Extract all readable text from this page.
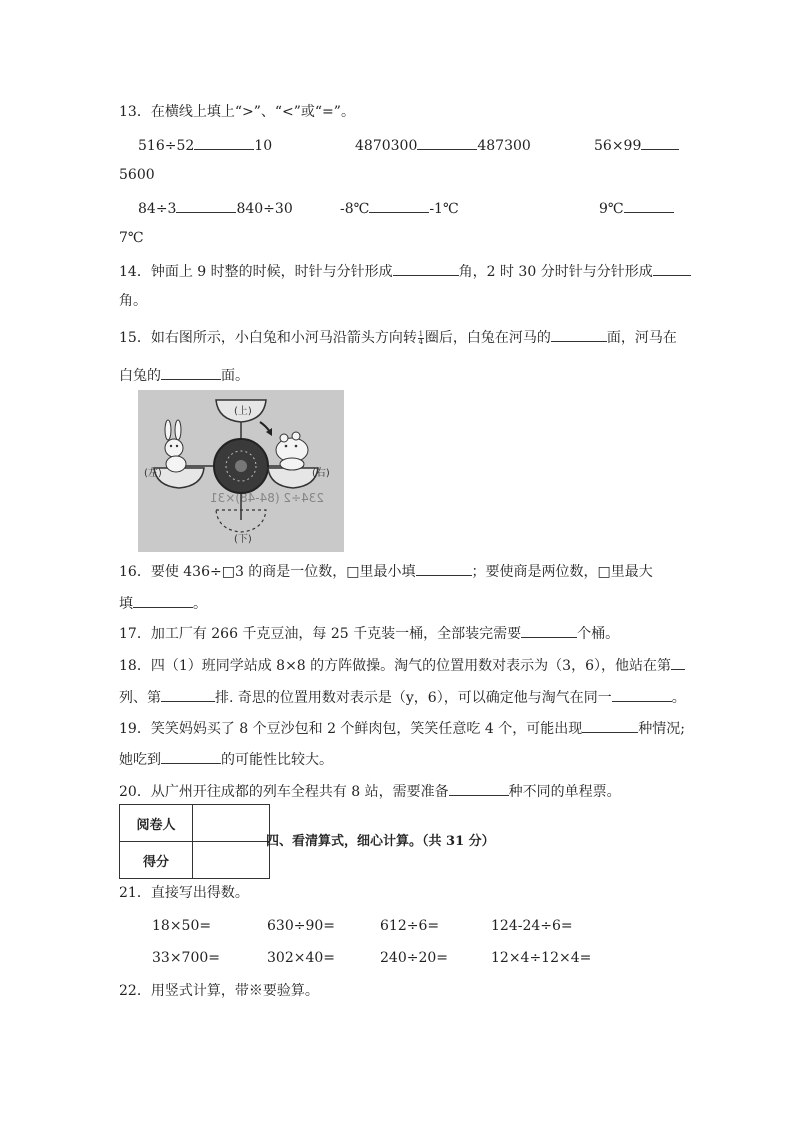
13．在横线上填上“>”、“<”或“=”。
516÷52	10	4870300	487300	56×99
5600
84÷3	840÷30	-8℃	-1℃	9℃
7℃
14．钟面上 9 时整的时候，时针与分针形成	角，2 时 30 分时针与分针形成
角。
15．如右图所示，小白兔和小河马沿箭头方向转 $\frac{1}{4}$ 圈后，白兔在河马的	面，河马在
白兔的	面。
(上)
(下)
(左)	(右)
234÷2 (84-48)×31
16．要使 436÷□3 的商是一位数，□里最小填	；要使商是两位数，□里最大
填	。
17．加工厂有 266 千克豆油，每 25 千克装一桶，全部装完需要	个桶。
18．四（1）班同学站成 8×8 的方阵做操。淘气的位置用数对表示为（3，6），他站在第
列、第	排. 奇思的位置用数对表示是（y，6），可以确定他与淘气在同一	。
19．笑笑妈妈买了 8 个豆沙包和 2 个鲜肉包，笑笑任意吃 4 个，可能出现	种情况;
她吃到	的可能性比较大。
20．从广州开往成都的列车全程共有 8 站，需要准备	种不同的单程票。
阅卷人	
得分	
四、看清算式，细心计算。（共 31 分）
21．直接写出得数。
18×50=	630÷90=	612÷6=	124-24÷6=
33×700=	302×40=	240÷20=	12×4÷12×4=
22．用竖式计算，带※要验算。
